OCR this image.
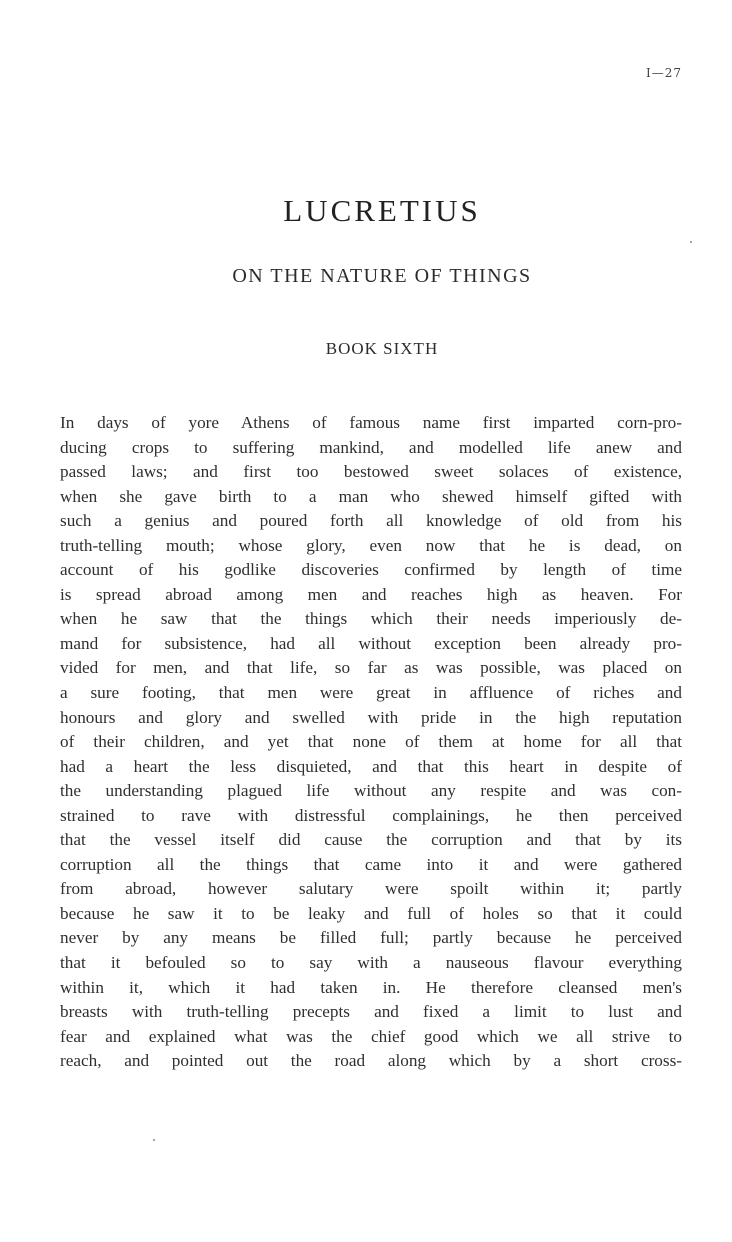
I—27
LUCRETIUS
ON THE NATURE OF THINGS
BOOK SIXTH
In days of yore Athens of famous name first imparted corn-pro-
ducing crops to suffering mankind, and modelled life anew and
passed laws; and first too bestowed sweet solaces of existence,
when she gave birth to a man who shewed himself gifted with
such a genius and poured forth all knowledge of old from his
truth-telling mouth; whose glory, even now that he is dead, on
account of his godlike discoveries confirmed by length of time
is spread abroad among men and reaches high as heaven. For
when he saw that the things which their needs imperiously de-
mand for subsistence, had all without exception been already pro-
vided for men, and that life, so far as was possible, was placed on
a sure footing, that men were great in affluence of riches and
honours and glory and swelled with pride in the high reputation
of their children, and yet that none of them at home for all that
had a heart the less disquieted, and that this heart in despite of
the understanding plagued life without any respite and was con-
strained to rave with distressful complainings, he then perceived
that the vessel itself did cause the corruption and that by its
corruption all the things that came into it and were gathered
from abroad, however salutary were spoilt within it; partly
because he saw it to be leaky and full of holes so that it could
never by any means be filled full; partly because he perceived
that it befouled so to say with a nauseous flavour everything
within it, which it had taken in. He therefore cleansed men's
breasts with truth-telling precepts and fixed a limit to lust and
fear and explained what was the chief good which we all strive to
reach, and pointed out the road along which by a short cross-
